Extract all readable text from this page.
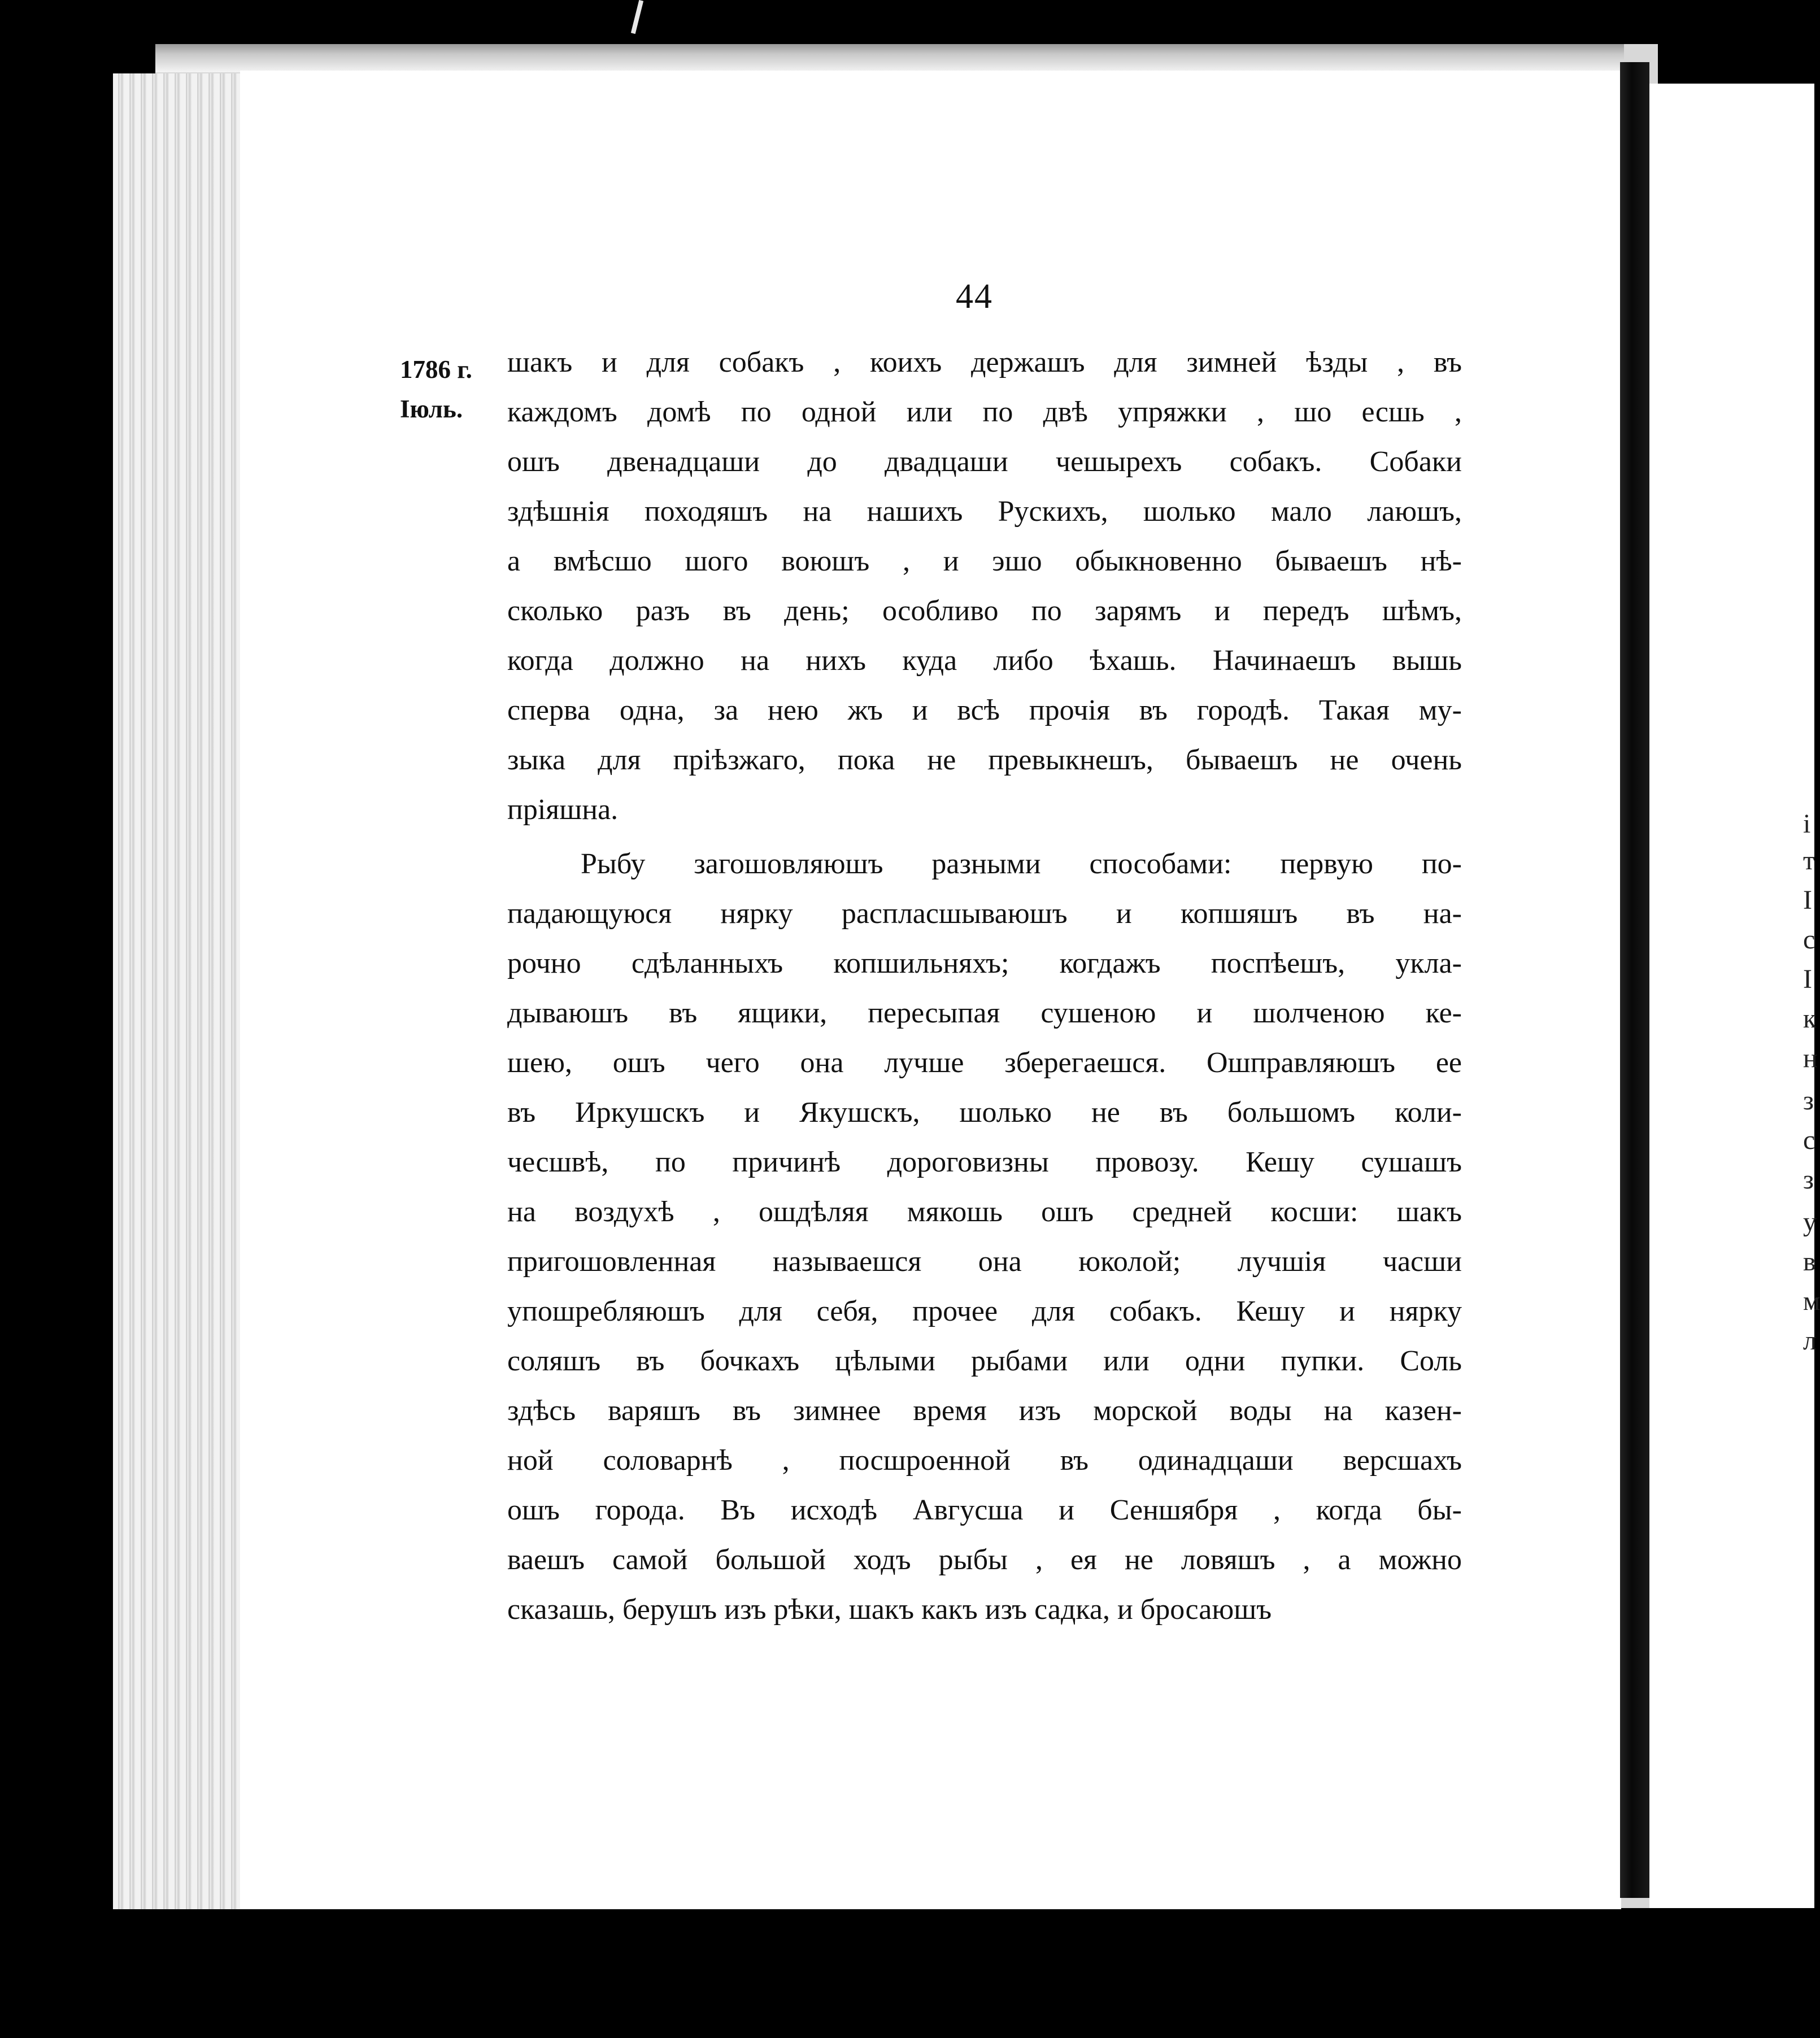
і
т
I
c
I
к
н
з
с
з
у
в
м
л
44
1786 г.
Іюль.
шакъ и для собакъ , коихъ держашъ для зимней ѣзды , въ
каждомъ домѣ по одной или по двѣ упряжки , шо есшь ,
ошъ двенадцаши до двадцаши чешырехъ собакъ. Собаки
здѣшнія походяшъ на нашихъ Рускихъ, шолько мало лаюшъ,
а вмѣсшо шого воюшъ , и эшо обыкновенно бываешъ нѣ-
сколько разъ въ день; особливо по зарямъ и передъ шѣмъ,
когда должно на нихъ куда либо ѣхашь. Начинаешъ вышь
сперва одна, за нею жъ и всѣ прочія въ городѣ. Такая му-
зыка для пріѣзжаго, пока не превыкнешъ, бываешъ не очень
пріяшна.
Рыбу загошовляюшъ разными способами: первую по-
падающуюся нярку распласшываюшъ и копшяшъ въ на-
рочно сдѣланныхъ копшильняхъ; когдажъ поспѣешъ, укла-
дываюшъ въ ящики, пересыпая сушеною и шолченою ке-
шею, ошъ чего она лучше зберегаешся. Ошправляюшъ ее
въ Иркушскъ и Якушскъ, шолько не въ большомъ коли-
чесшвѣ, по причинѣ дороговизны провозу. Кешу сушашъ
на воздухѣ , ошдѣляя мякошь ошъ средней косши: шакъ
пригошовленная называешся она юколой; лучшія часши
упошребляюшъ для себя, прочее для собакъ. Кешу и нярку
соляшъ въ бочкахъ цѣлыми рыбами или одни пупки. Соль
здѣсь варяшъ въ зимнее время изъ морской воды на казен-
ной соловарнѣ , посшроенной въ одинадцаши версшахъ
ошъ города. Въ исходѣ Авгусша и Сеншября , когда бы-
ваешъ самой большой ходъ рыбы , ея не ловяшъ , а можно
сказашь, берушъ изъ рѣки, шакъ какъ изъ садка, и бросаюшъ
